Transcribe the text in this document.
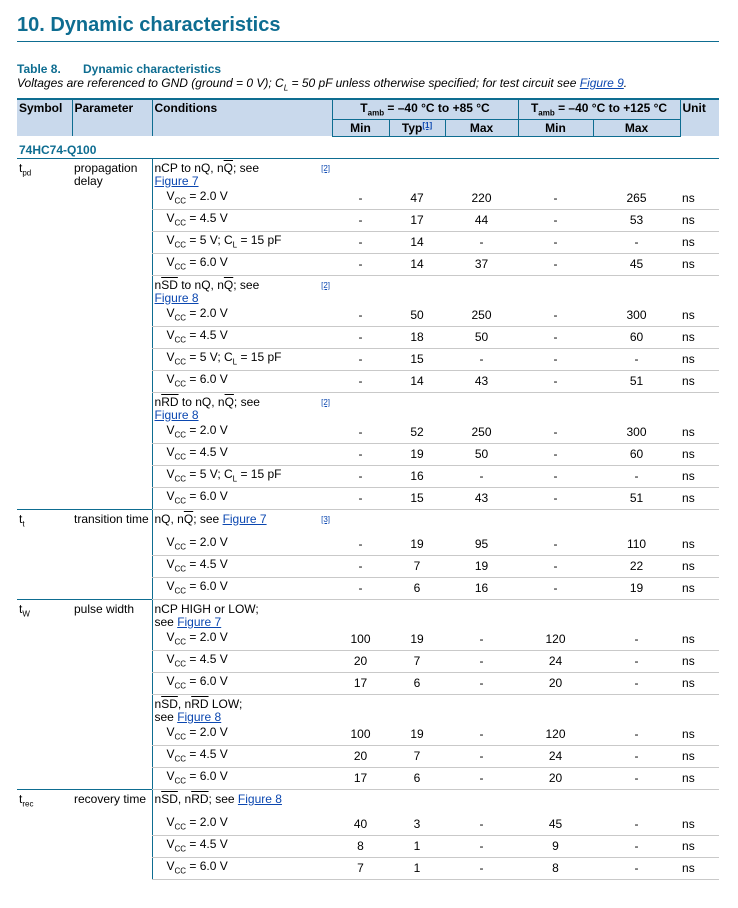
10. Dynamic characteristics
Table 8. Dynamic characteristics
Voltages are referenced to GND (ground = 0 V); $C_L = 50$ pF unless otherwise specified; for test circuit see Figure 9.
Symbol	Parameter	Conditions	$T_{amb} = -40$ °C to +85 °C			$T_{amb} = -40$ °C to +125 °C		Unit
			Min	Typ[1]	Max	Min	Max	
74HC74-Q100								
$t_{pd}$	propagation delay	nCP to nQ, $n\overline{Q}$; see
Figure 7
[2]						

		$V_{CC} = 2.0$ V	-	47	220	-	265	ns
		$V_{CC} = 4.5$ V	-	17	44	-	53	ns
		$V_{CC} = 5$ V; $C_L = 15$ pF	-	14	-	-	-	ns
		$V_{CC} = 6.0$ V	-	14	37	-	45	ns

		$n\overline{SD}$ to nQ, $n\overline{Q}$; see
Figure 8
[2]						

		$V_{CC} = 2.0$ V	-	50	250	-	300	ns
		$V_{CC} = 4.5$ V	-	18	50	-	60	ns
		$V_{CC} = 5$ V; $C_L = 15$ pF	-	15	-	-	-	ns
		$V_{CC} = 6.0$ V	-	14	43	-	51	ns

		$n\overline{RD}$ to nQ, $n\overline{Q}$; see
Figure 8
[2]						

		$V_{CC} = 2.0$ V	-	52	250	-	300	ns
		$V_{CC} = 4.5$ V	-	19	50	-	60	ns
		$V_{CC} = 5$ V; $C_L = 15$ pF	-	16	-	-	-	ns
		$V_{CC} = 6.0$ V	-	15	43	-	51	ns
$t_t$	transition time	nQ, $n\overline{Q}$; see Figure 7 [3]						

		$V_{CC} = 2.0$ V	-	19	95	-	110	ns
		$V_{CC} = 4.5$ V	-	7	19	-	22	ns
		$V_{CC} = 6.0$ V	-	6	16	-	19	ns
$t_W$	pulse width	nCP HIGH or LOW;
see Figure 7						

		$V_{CC} = 2.0$ V	100	19	-	120	-	ns
		$V_{CC} = 4.5$ V	20	7	-	24	-	ns
		$V_{CC} = 6.0$ V	17	6	-	20	-	ns

		$n\overline{SD}$, $n\overline{RD}$ LOW;
see Figure 8						

		$V_{CC} = 2.0$ V	100	19	-	120	-	ns
		$V_{CC} = 4.5$ V	20	7	-	24	-	ns
		$V_{CC} = 6.0$ V	17	6	-	20	-	ns
$t_{rec}$	recovery time	$n\overline{SD}$, $n\overline{RD}$; see Figure 8						

		$V_{CC} = 2.0$ V	40	3	-	45	-	ns
		$V_{CC} = 4.5$ V	8	1	-	9	-	ns
		$V_{CC} = 6.0$ V	7	1	-	8	-	ns
